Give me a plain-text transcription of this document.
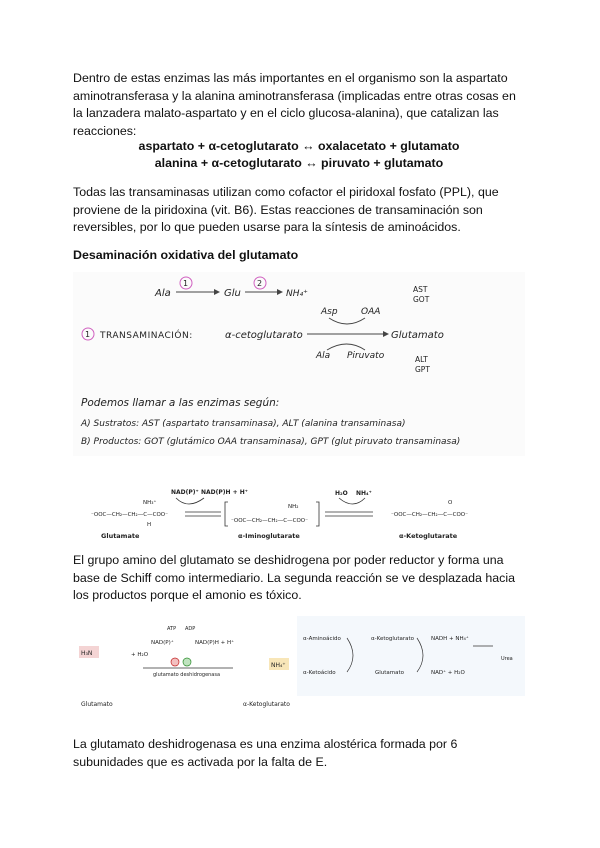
Dentro de estas enzimas las más importantes en el organismo son la aspartato aminotransferasa y la alanina aminotransferasa (implicadas entre otras cosas en la lanzadera malato-aspartato y en el ciclo glucosa-alanina), que catalizan las reacciones:

aspartato + α-cetoglutarato ↔ oxalacetato + glutamato
alanina + α-cetoglutarato ↔ piruvato + glutamato

Todas las transaminasas utilizan como cofactor el piridoxal fosfato (PPL), que proviene de la piridoxina (vit. B6). Estas reacciones de transaminación son reversibles, por lo que pueden usarse para la síntesis de aminoácidos.

Desaminación oxidativa del glutamato
Ala
1
Glu
2
NH₄⁺	AST
GOT
1 TRANSAMINACIÓN:	α-cetoglutarato	Glutamato
Asp	OAA
Ala Piruvato	ALT
GPT
Podemos llamar a las enzimas según:
A) Sustratos: AST (aspartato transaminasa), ALT (alanina transaminasa)
B) Productos: GOT (glutámico OAA transaminasa), GPT (glut piruvato transaminasa)
NAD(P)⁺ NAD(P)H + H⁺	H₂O NH₄⁺
NH₃⁺
⁻OOC—CH₂—CH₂—C—COO⁻
H
Glutamate
NH₂
⁻OOC—CH₂—CH₂—C—COO⁻
α-Iminoglutarate
O
⁻OOC—CH₂—CH₂—C—COO⁻
α-Ketoglutarate

El grupo amino del glutamato se deshidrogena por poder reductor y forma una base de Schiff como intermediario. La segunda reacción se ve desplazada hacia los productos porque el amonio es tóxico.

H₃N
Glutamato
+ H₂O
NAD(P)⁺	NAD(P)H + H⁺
ATP ADP
glutamato deshidrogenasa
α-Ketoglutarato
NH₄⁺
α-Aminoácido
α-Ketoácido
α-Ketoglutarato
Glutamato
NADH + NH₄⁺
NAD⁺ + H₂O
Urea

La glutamato deshidrogenasa es una enzima alostérica formada por 6 subunidades que es activada por la falta de E.
